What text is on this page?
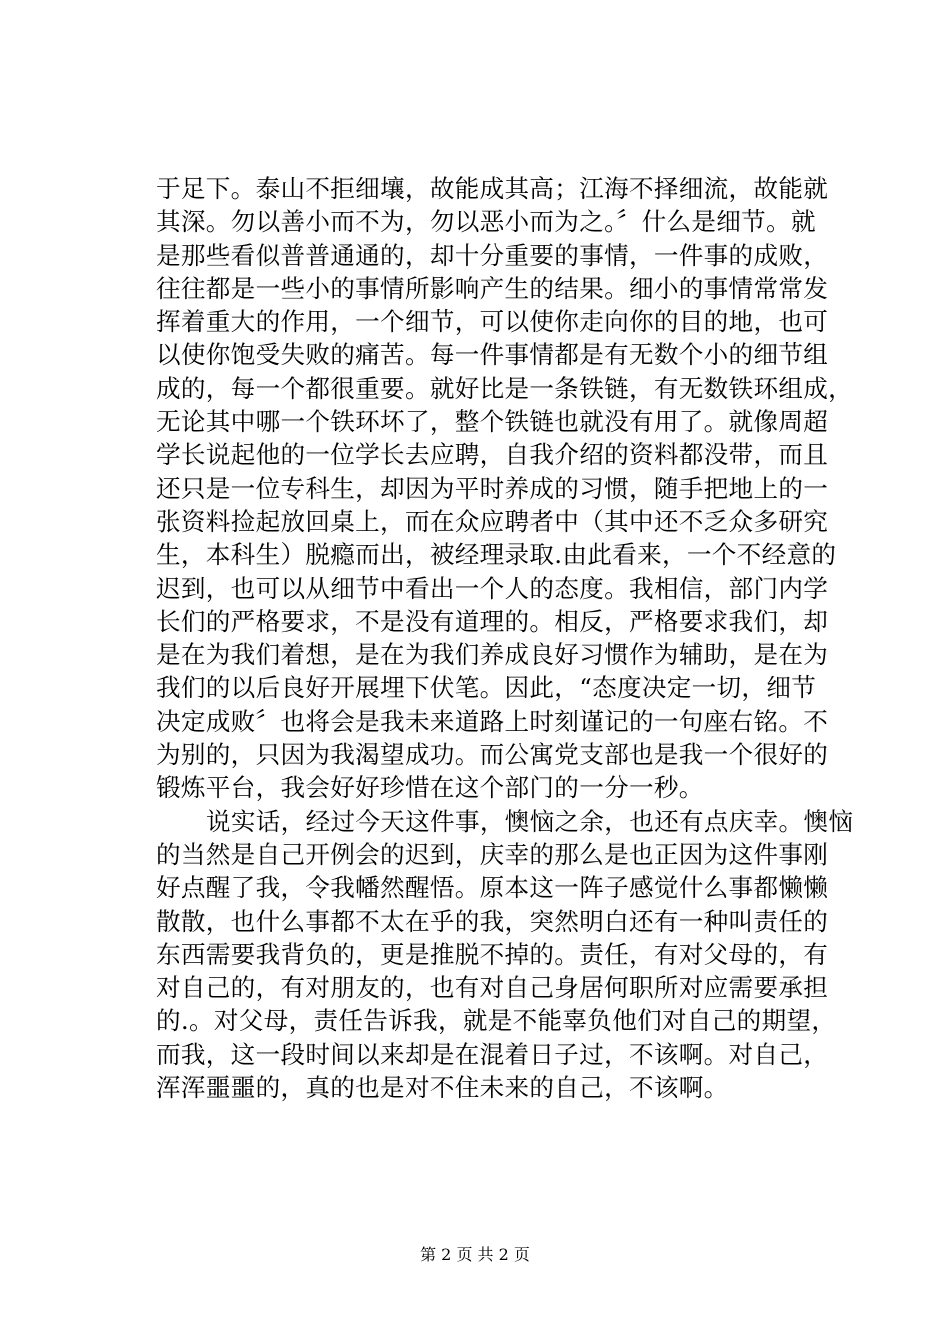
于足下。泰山不拒细壤，故能成其高；江海不择细流，故能就
其深。勿以善小而不为，勿以恶小而为之。〞什么是细节。就
是那些看似普普通通的，却十分重要的事情，一件事的成败，
往往都是一些小的事情所影响产生的结果。细小的事情常常发
挥着重大的作用，一个细节，可以使你走向你的目的地，也可
以使你饱受失败的痛苦。每一件事情都是有无数个小的细节组
成的，每一个都很重要。就好比是一条铁链，有无数铁环组成，
无论其中哪一个铁环坏了，整个铁链也就没有用了。就像周超
学长说起他的一位学长去应聘，自我介绍的资料都没带，而且
还只是一位专科生，却因为平时养成的习惯，随手把地上的一
张资料捡起放回桌上，而在众应聘者中（其中还不乏众多研究
生，本科生）脱瘾而出，被经理录取.由此看来，一个不经意的
迟到，也可以从细节中看出一个人的态度。我相信，部门内学
长们的严格要求，不是没有道理的。相反，严格要求我们，却
是在为我们着想，是在为我们养成良好习惯作为辅助，是在为
我们的以后良好开展埋下伏笔。因此，“态度决定一切，细节
决定成败〞也将会是我未来道路上时刻谨记的一句座右铭。不
为别的，只因为我渴望成功。而公寓党支部也是我一个很好的
锻炼平台，我会好好珍惜在这个部门的一分一秒。
说实话，经过今天这件事，懊恼之余，也还有点庆幸。懊恼
的当然是自己开例会的迟到，庆幸的那么是也正因为这件事刚
好点醒了我，令我幡然醒悟。原本这一阵子感觉什么事都懒懒
散散，也什么事都不太在乎的我，突然明白还有一种叫责任的
东西需要我背负的，更是推脱不掉的。责任，有对父母的，有
对自己的，有对朋友的，也有对自己身居何职所对应需要承担
的.。对父母，责任告诉我，就是不能辜负他们对自己的期望，
而我，这一段时间以来却是在混着日子过，不该啊。对自己，
浑浑噩噩的，真的也是对不住未来的自己，不该啊。
第 2 页 共 2 页
